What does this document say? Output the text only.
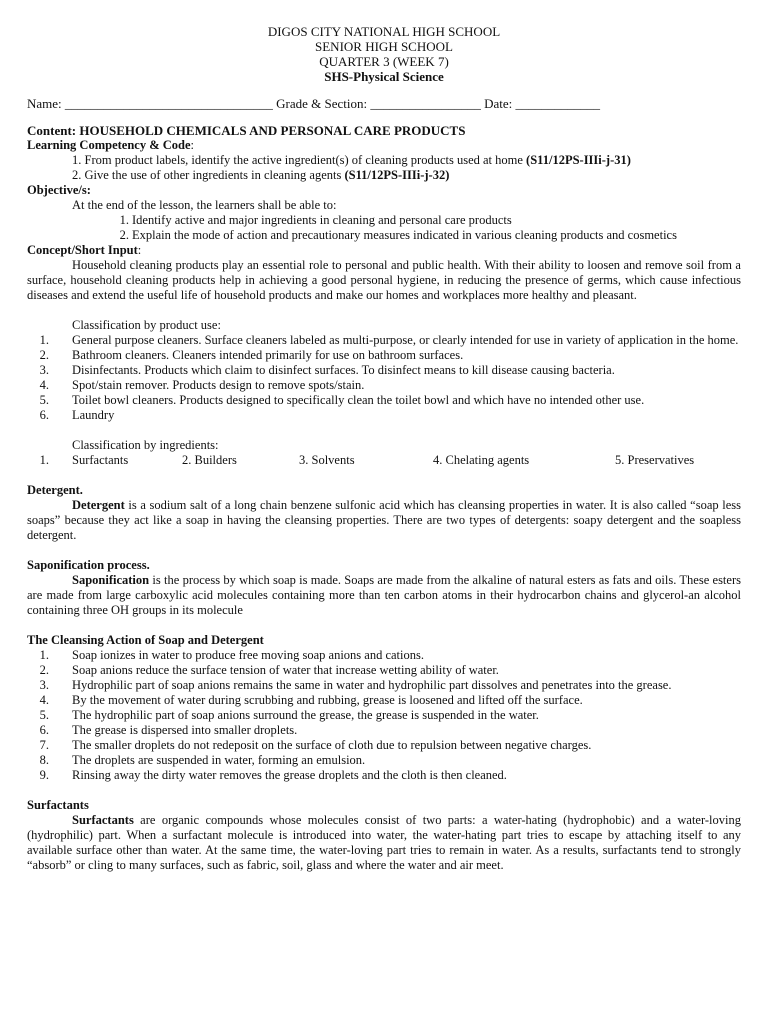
DIGOS CITY NATIONAL HIGH SCHOOL
SENIOR HIGH SCHOOL
QUARTER 3 (WEEK 7)
SHS-Physical Science
Name: ________________________________ Grade & Section: _________________ Date: _____________
Content: HOUSEHOLD CHEMICALS AND PERSONAL CARE PRODUCTS
Learning Competency & Code:
1. From product labels, identify the active ingredient(s) of cleaning products used at home (S11/12PS-IIIi-j-31)
2. Give the use of other ingredients in cleaning agents (S11/12PS-IIIi-j-32)
Objective/s:
At the end of the lesson, the learners shall be able to:
1. Identify active and major ingredients in cleaning and personal care products
2. Explain the mode of action and precautionary measures indicated in various cleaning products and cosmetics
Concept/Short Input:
Household cleaning products play an essential role to personal and public health. With their ability to loosen and remove soil from a surface, household cleaning products help in achieving a good personal hygiene, in reducing the presence of germs, which cause infectious diseases and extend the useful life of household products and make our homes and workplaces more healthy and pleasant.
Classification by product use:
1. General purpose cleaners. Surface cleaners labeled as multi-purpose, or clearly intended for use in variety of application in the home.
2. Bathroom cleaners. Cleaners intended primarily for use on bathroom surfaces.
3. Disinfectants. Products which claim to disinfect surfaces. To disinfect means to kill disease causing bacteria.
4. Spot/stain remover. Products design to remove spots/stain.
5. Toilet bowl cleaners. Products designed to specifically clean the toilet bowl and which have no intended other use.
6. Laundry
Classification by ingredients:
1. Surfactants	2. Builders	3. Solvents	4. Chelating agents	5. Preservatives
Detergent.
Detergent is a sodium salt of a long chain benzene sulfonic acid which has cleansing properties in water. It is also called “soap less soaps” because they act like a soap in having the cleansing properties. There are two types of detergents: soapy detergent and the soapless detergent.
Saponification process.
Saponification is the process by which soap is made. Soaps are made from the alkaline of natural esters as fats and oils. These esters are made from large carboxylic acid molecules containing more than ten carbon atoms in their hydrocarbon chains and glycerol-an alcohol containing three OH groups in its molecule
The Cleansing Action of Soap and Detergent
1. Soap ionizes in water to produce free moving soap anions and cations.
2. Soap anions reduce the surface tension of water that increase wetting ability of water.
3. Hydrophilic part of soap anions remains the same in water and hydrophilic part dissolves and penetrates into the grease.
4. By the movement of water during scrubbing and rubbing, grease is loosened and lifted off the surface.
5. The hydrophilic part of soap anions surround the grease, the grease is suspended in the water.
6. The grease is dispersed into smaller droplets.
7. The smaller droplets do not redeposit on the surface of cloth due to repulsion between negative charges.
8. The droplets are suspended in water, forming an emulsion.
9. Rinsing away the dirty water removes the grease droplets and the cloth is then cleaned.
Surfactants
Surfactants are organic compounds whose molecules consist of two parts: a water-hating (hydrophobic) and a water-loving (hydrophilic) part. When a surfactant molecule is introduced into water, the water-hating part tries to escape by attaching itself to any available surface other than water. At the same time, the water-loving part tries to remain in water. As a results, surfactants tend to strongly “absorb” or cling to many surfaces, such as fabric, soil, glass and where the water and air meet.
